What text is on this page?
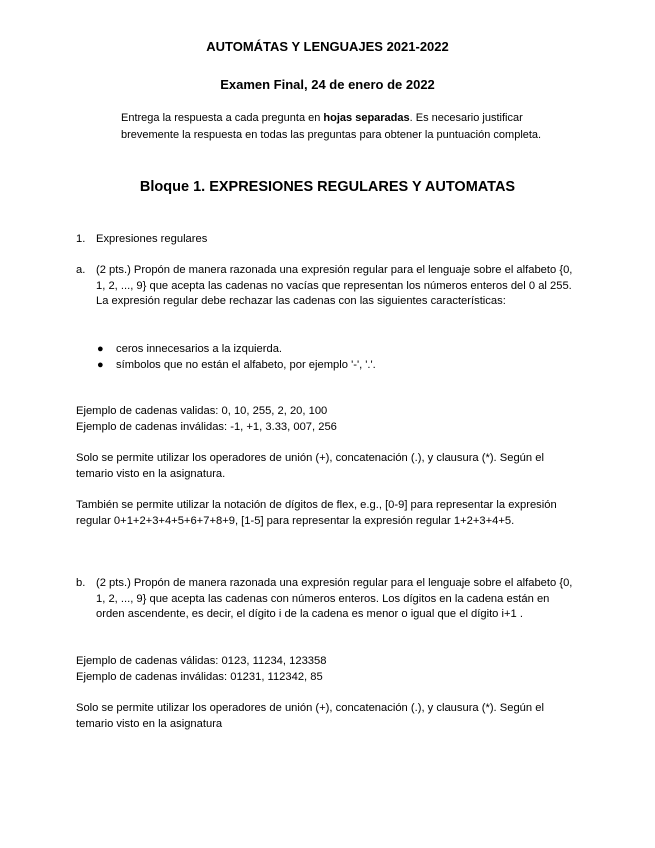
AUTOMÁTAS Y LENGUAJES 2021-2022
Examen Final, 24 de enero de 2022
Entrega la respuesta a cada pregunta en hojas separadas. Es necesario justificar brevemente la respuesta en todas las preguntas para obtener la puntuación completa.
Bloque 1. EXPRESIONES REGULARES Y AUTOMATAS
1. Expresiones regulares
a. (2 pts.) Propón de manera razonada una expresión regular para el lenguaje sobre el alfabeto {0, 1, 2, ..., 9} que acepta las cadenas no vacías que representan los números enteros del 0 al 255. La expresión regular debe rechazar las cadenas con las siguientes características:
● ceros innecesarios a la izquierda.
● símbolos que no están el alfabeto, por ejemplo '-', '.'.
Ejemplo de cadenas validas: 0, 10, 255, 2, 20, 100
Ejemplo de cadenas inválidas: -1, +1, 3.33, 007, 256
Solo se permite utilizar los operadores de unión (+), concatenación (.), y clausura (*). Según el temario visto en la asignatura.
También se permite utilizar la notación de dígitos de flex, e.g., [0-9] para representar la expresión regular 0+1+2+3+4+5+6+7+8+9, [1-5] para representar la expresión regular 1+2+3+4+5.
b. (2 pts.) Propón de manera razonada una expresión regular para el lenguaje sobre el alfabeto {0, 1, 2, ..., 9} que acepta las cadenas con números enteros. Los dígitos en la cadena están en orden ascendente, es decir, el dígito i de la cadena es menor o igual que el dígito i+1 .
Ejemplo de cadenas válidas: 0123, 11234, 123358
Ejemplo de cadenas inválidas: 01231, 112342, 85
Solo se permite utilizar los operadores de unión (+), concatenación (.), y clausura (*). Según el temario visto en la asignatura
